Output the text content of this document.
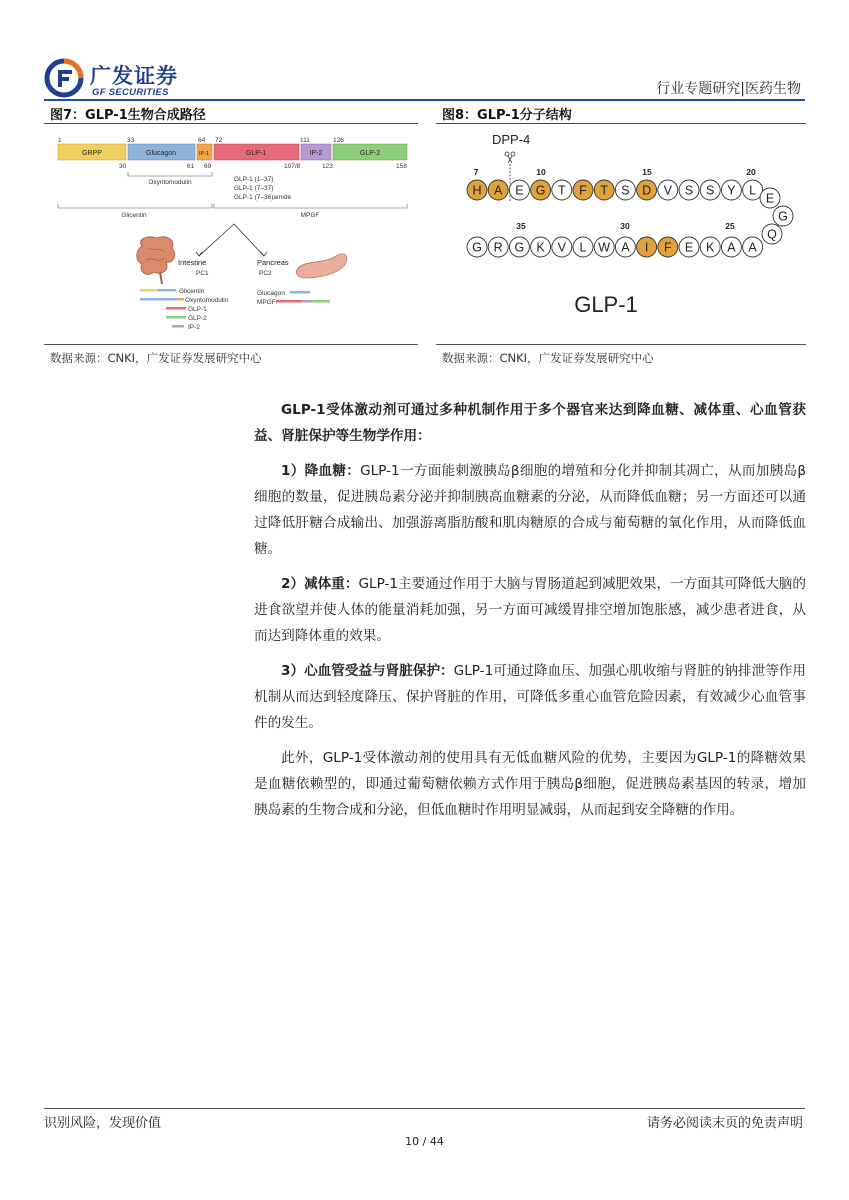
广发证券
GF SECURITIES	行业专题研究|医药生物
图7：GLP-1生物合成路径
1	33	64 72	111	126
GRPP	Glucagon	IP-1	GLP-1	IP-2	GLP-2
30	61 69	107/8	123	158
Oxyntomodulin	GLP-1 (1–37)
GLP-1 (7–37)
GLP-1 (7–36)amide
Glicentin	MPGF
Intestine
PC1
Pancreas
PC2
Glicentin
Oxyntomodulin
GLP-1
GLP-2
IP-2
Glucagon
MPGF
数据来源：CNKI，广发证券发展研究中心
图8：GLP-1分子结构
DPP-4
H A E G T F T S D V S S Y L
E
G
Q
G R G K V L W A I F E K A A
7	10	15	20
25
30
35
GLP-1
数据来源：CNKI，广发证券发展研究中心

GLP-1受体激动剂可通过多种机制作用于多个器官来达到降血糖、减体重、心血管获益、肾脏保护等生物学作用：

1）降血糖：GLP-1一方面能刺激胰岛β细胞的增殖和分化并抑制其凋亡，从而加胰岛β细胞的数量，促进胰岛素分泌并抑制胰高血糖素的分泌，从而降低血糖；另一方面还可以通过降低肝糖合成输出、加强游离脂肪酸和肌肉糖原的合成与葡萄糖的氧化作用，从而降低血糖。

2）减体重：GLP-1主要通过作用于大脑与胃肠道起到减肥效果，一方面其可降低大脑的进食欲望并使人体的能量消耗加强，另一方面可减缓胃排空增加饱胀感，减少患者进食，从而达到降体重的效果。

3）心血管受益与肾脏保护：GLP-1可通过降血压、加强心肌收缩与肾脏的钠排泄等作用机制从而达到轻度降压、保护肾脏的作用，可降低多重心血管危险因素，有效减少心血管事件的发生。

此外，GLP-1受体激动剂的使用具有无低血糖风险的优势，主要因为GLP-1的降糖效果是血糖依赖型的，即通过葡萄糖依赖方式作用于胰岛β细胞，促进胰岛素基因的转录，增加胰岛素的生物合成和分泌，但低血糖时作用明显减弱，从而起到安全降糖的作用。

识别风险，发现价值	请务必阅读末页的免责声明
10 / 44
